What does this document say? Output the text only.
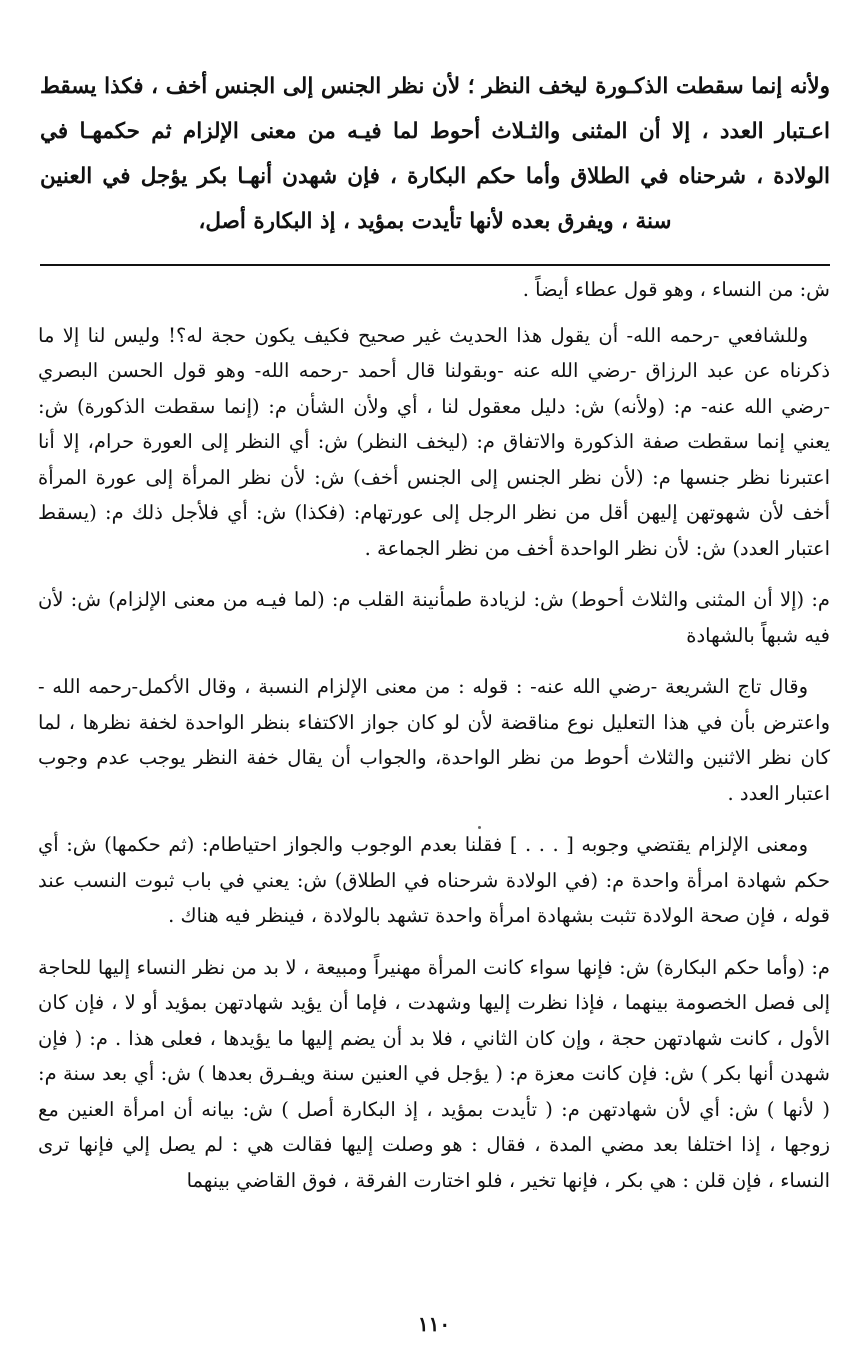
ولأنه إنما سقطت الذكـورة ليخف النظر ؛ لأن نظر الجنس إلى الجنس أخف ، فكذا يسقط اعـتبار العدد ، إلا أن المثنى والثـلاث أحوط لما فيـه من معنى الإلزام ثم حكمهـا في الولادة ، شرحناه في الطلاق وأما حكم البكارة ، فإن شهدن أنهـا بكر يؤجل في العنين سنة ، ويفرق بعده لأنها تأيدت بمؤيد ، إذ البكارة أصل،

ش: من النساء ، وهو قول عطاء أيضاً .

وللشافعي -رحمه الله- أن يقول هذا الحديث غير صحيح فكيف يكون حجة له؟! وليس لنا إلا ما ذكرناه عن عبد الرزاق -رضي الله عنه -وبقولنا قال أحمد -رحمه الله- وهو قول الحسن البصري -رضي الله عنه- م: (ولأنه) ش: دليل معقول لنا ، أي ولأن الشأن م: (إنما سقطت الذكورة) ش: يعني إنما سقطت صفة الذكورة والاتفاق م: (ليخف النظر) ش: أي النظر إلى العورة حرام، إلا أنا اعتبرنا نظر جنسها م: (لأن نظر الجنس إلى الجنس أخف) ش: لأن نظر المرأة إلى عورة المرأة أخف لأن شهوتهن إليهن أقل من نظر الرجل إلى عورتهام: (فكذا) ش: أي فلأجل ذلك م: (يسقط اعتبار العدد) ش: لأن نظر الواحدة أخف من نظر الجماعة .

م: (إلا أن المثنى والثلاث أحوط) ش: لزيادة طمأنينة القلب م: (لما فيـه من معنى الإلزام) ش: لأن فيه شبهاً بالشهادة

وقال تاج الشريعة -رضي الله عنه- : قوله : من معنى الإلزام النسبة ، وقال الأكمل-رحمه الله - واعترض بأن في هذا التعليل نوع مناقضة لأن لو كان جواز الاكتفاء بنظر الواحدة لخفة نظرها ، لما كان نظر الاثنين والثلاث أحوط من نظر الواحدة، والجواب أن يقال خفة النظر يوجب عدم وجوب اعتبار العدد .

ومعنى الإلزام يقتضي وجوبه [ . . . ] فقلنا بعدم الوجوب والجواز احتياطام: (ثم حكمها) ش: أي حكم شهادة امرأة واحدة م: (في الولادة شرحناه في الطلاق) ش: يعني في باب ثبوت النسب عند قوله ، فإن صحة الولادة تثبت بشهادة امرأة واحدة تشهد بالولادة ، فينظر فيه هناك .

م: (وأما حكم البكارة) ش: فإنها سواء كانت المرأة مهنيراً ومبيعة ، لا بد من نظر النساء إليها للحاجة إلى فصل الخصومة بينهما ، فإذا نظرت إليها وشهدت ، فإما أن يؤيد شهادتهن بمؤيد أو لا ، فإن كان الأول ، كانت شهادتهن حجة ، وإن كان الثاني ، فلا بد أن يضم إليها ما يؤيدها ، فعلى هذا . م: ( فإن شهدن أنها بكر ) ش: فإن كانت معزة م: ( يؤجل في العنين سنة ويفـرق بعدها ) ش: أي بعد سنة م: ( لأنها ) ش: أي لأن شهادتهن م: ( تأيدت بمؤيد ، إذ البكارة أصل ) ش: بيانه أن امرأة العنين مع زوجها ، إذا اختلفا بعد مضي المدة ، فقال : هو وصلت إليها فقالت هي : لم يصل إلي فإنها ترى النساء ، فإن قلن : هي بكر ، فإنها تخير ، فلو اختارت الفرقة ، فوق القاضي بينهما

١١٠
